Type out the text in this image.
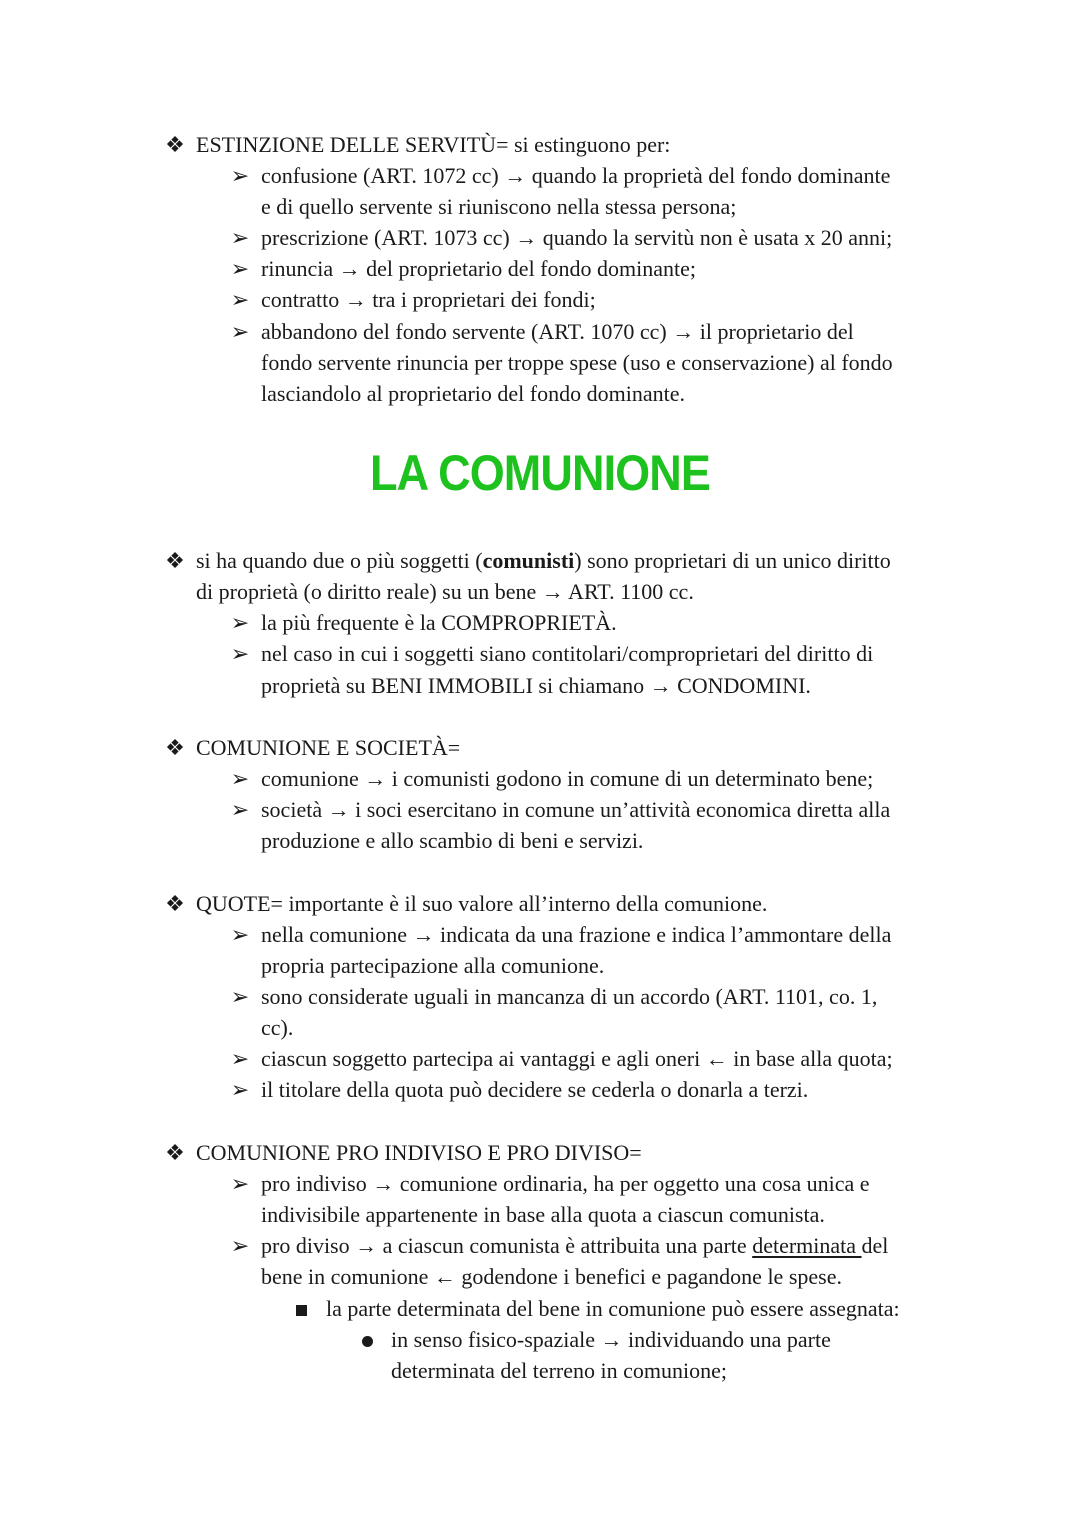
❖ ESTINZIONE DELLE SERVITÙ= si estinguono per:
➢ confusione (ART. 1072 cc) → quando la proprietà del fondo dominante
e di quello servente si riuniscono nella stessa persona;
➢ prescrizione (ART. 1073 cc) → quando la servitù non è usata x 20 anni;
➢ rinuncia → del proprietario del fondo dominante;
➢ contratto → tra i proprietari dei fondi;
➢ abbandono del fondo servente (ART. 1070 cc) → il proprietario del
fondo servente rinuncia per troppe spese (uso e conservazione) al fondo
lasciandolo al proprietario del fondo dominante.
LA COMUNIONE
❖ si ha quando due o più soggetti (comunisti) sono proprietari di un unico diritto
di proprietà (o diritto reale) su un bene → ART. 1100 cc.
➢ la più frequente è la COMPROPRIETÀ.
➢ nel caso in cui i soggetti siano contitolari/comproprietari del diritto di
proprietà su BENI IMMOBILI si chiamano → CONDOMINI.
❖ COMUNIONE E SOCIETÀ=
➢ comunione → i comunisti godono in comune di un determinato bene;
➢ società → i soci esercitano in comune un’attività economica diretta alla
produzione e allo scambio di beni e servizi.
❖ QUOTE= importante è il suo valore all’interno della comunione.
➢ nella comunione → indicata da una frazione e indica l’ammontare della
propria partecipazione alla comunione.
➢ sono considerate uguali in mancanza di un accordo (ART. 1101, co. 1,
cc).
➢ ciascun soggetto partecipa ai vantaggi e agli oneri ← in base alla quota;
➢ il titolare della quota può decidere se cederla o donarla a terzi.
❖ COMUNIONE PRO INDIVISO E PRO DIVISO=
➢ pro indiviso → comunione ordinaria, ha per oggetto una cosa unica e
indivisibile appartenente in base alla quota a ciascun comunista.
➢ pro diviso → a ciascun comunista è attribuita una parte determinata del
bene in comunione ← godendone i benefici e pagandone le spese.
la parte determinata del bene in comunione può essere assegnata:
in senso fisico-spaziale → individuando una parte
determinata del terreno in comunione;
